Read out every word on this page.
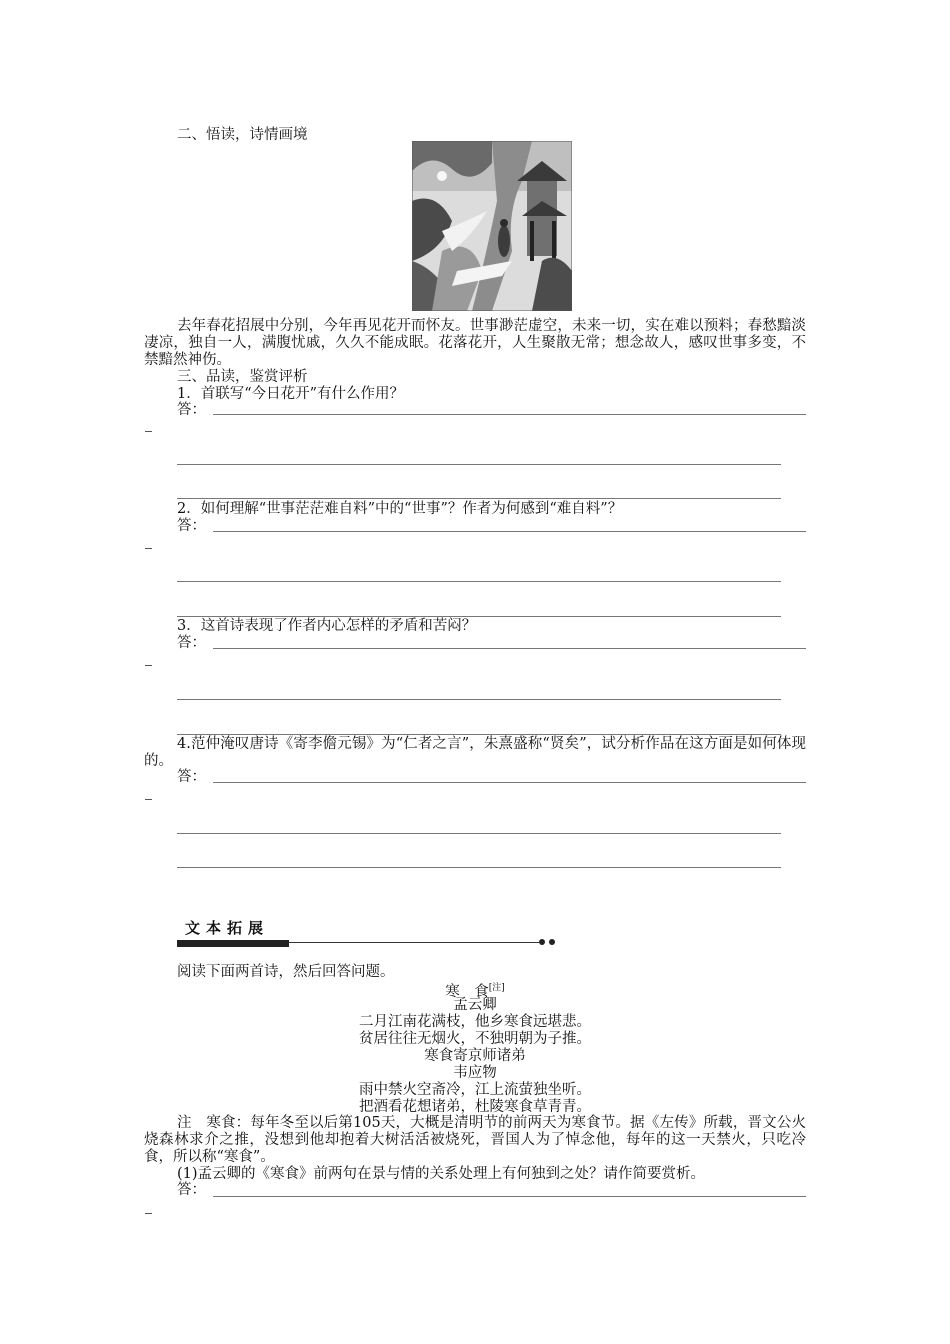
二、悟读，诗情画境
去年春花招展中分别，今年再见花开而怀友。世事渺茫虚空，未来一切，实在难以预料；春愁黯淡凄凉，独自一人，满腹忧戚，久久不能成眠。花落花开，人生聚散无常；想念故人，感叹世事多变，不禁黯然神伤。
三、品读，鉴赏评析
1．首联写“今日花开”有什么作用？
答：
2．如何理解“世事茫茫难自料”中的“世事”？作者为何感到“难自料”？
答：
3．这首诗表现了作者内心怎样的矛盾和苦闷？
答：
4.范仲淹叹唐诗《寄李儋元锡》为“仁者之言”，朱熹盛称“贤矣”，试分析作品在这方面是如何体现的。
答：
文本拓展
阅读下面两首诗，然后回答问题。
寒　食[注]
孟云卿
二月江南花满枝，他乡寒食远堪悲。
贫居往往无烟火，不独明朝为子推。
寒食寄京师诸弟
韦应物
雨中禁火空斋冷，江上流萤独坐听。
把酒看花想诸弟，杜陵寒食草青青。
注　寒食：每年冬至以后第105天，大概是清明节的前两天为寒食节。据《左传》所载，晋文公火烧森林求介之推，没想到他却抱着大树活活被烧死，晋国人为了悼念他，每年的这一天禁火，只吃冷食，所以称“寒食”。
(1)孟云卿的《寒食》前两句在景与情的关系处理上有何独到之处？请作简要赏析。
答：
